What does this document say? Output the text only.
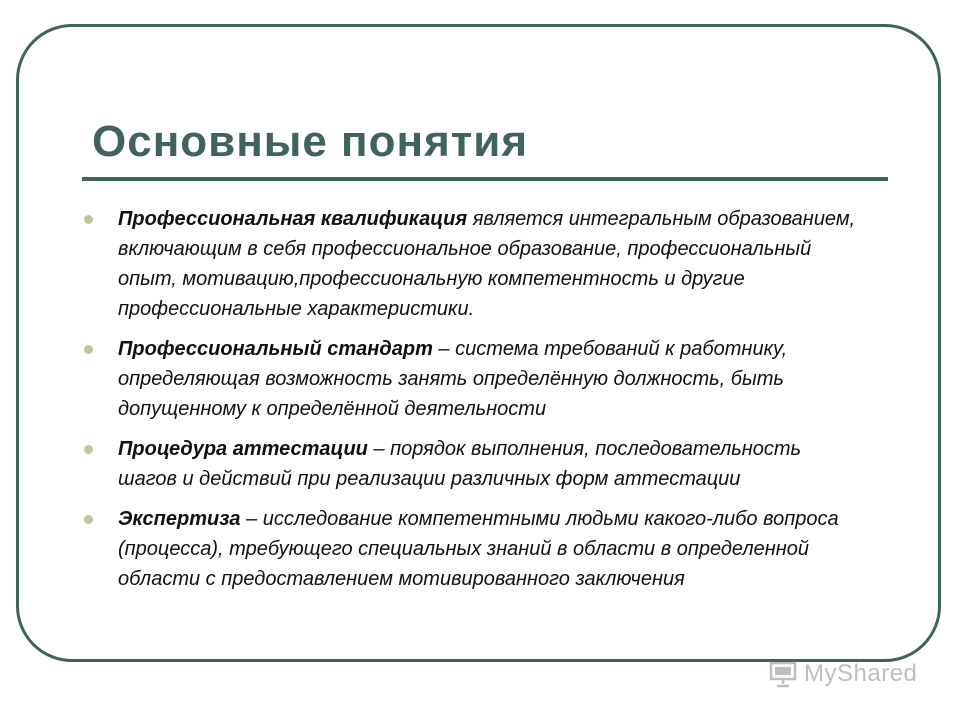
Основные понятия
Профессиональная квалификация является интегральным образованием, включающим в себя профессиональное образование, профессиональный опыт, мотивацию,профессиональную компетентность и другие профессиональные характеристики.
Профессиональный стандарт – система требований к работнику, определяющая возможность занять определённую должность, быть допущенному к определённой деятельности
Процедура аттестации – порядок выполнения, последовательность шагов и действий при реализации различных форм аттестации
Экспертиза – исследование компетентными людьми какого-либо вопроса (процесса), требующего специальных знаний в области в определенной области с предоставлением мотивированного заключения
MyShared
